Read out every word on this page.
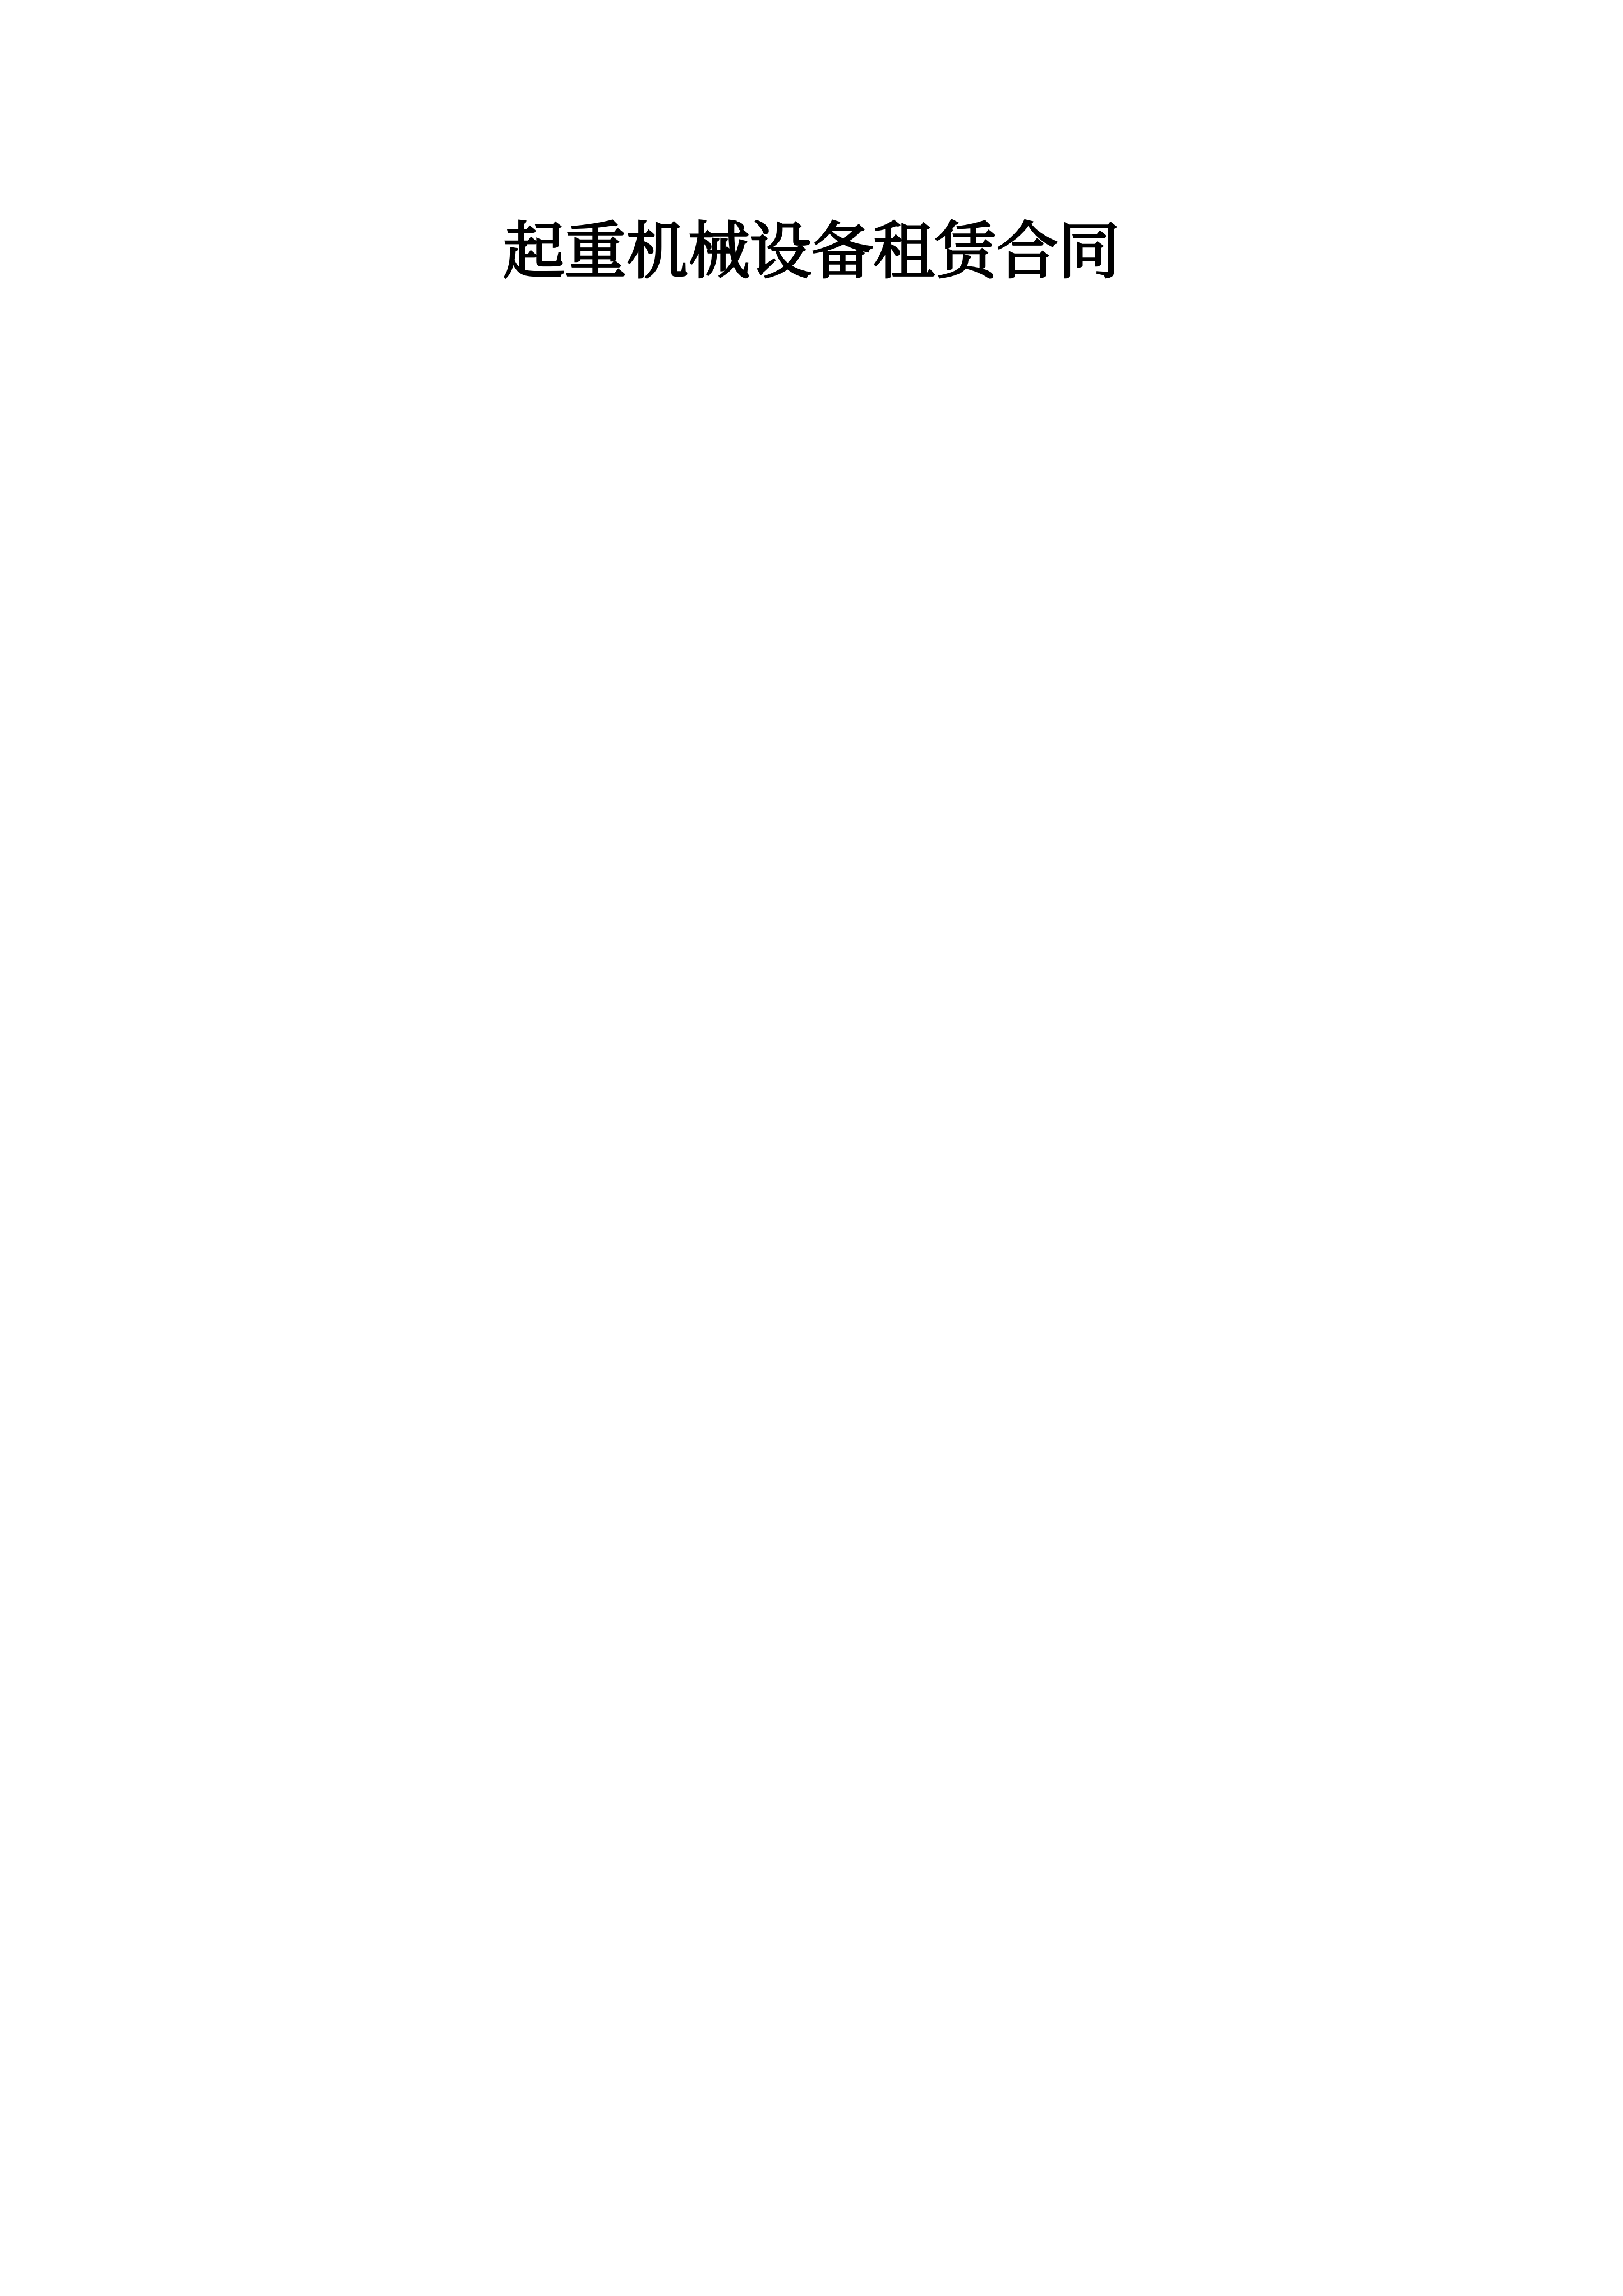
起重机械设备租赁合同
